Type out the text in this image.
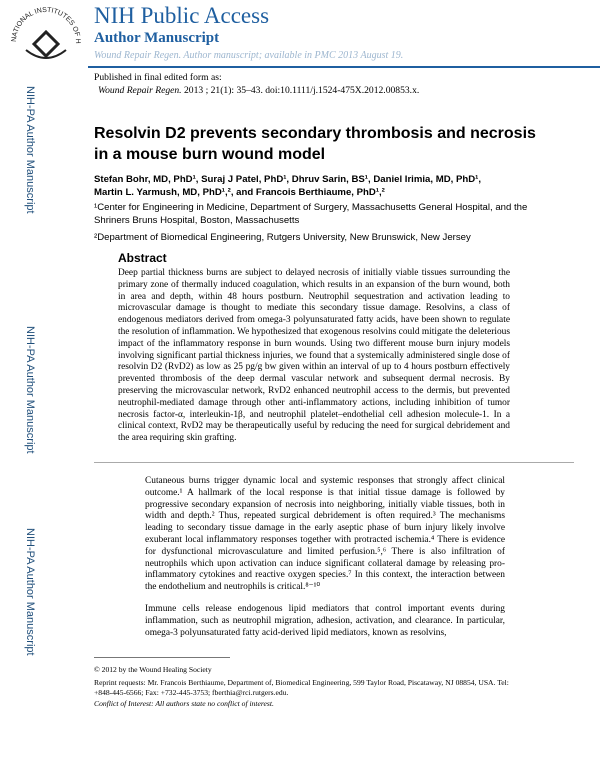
NATIONAL INSTITUTES OF H
NIH Public Access
Author Manuscript
Wound Repair Regen. Author manuscript; available in PMC 2013 August 19.
Published in final edited form as:
Wound Repair Regen. 2013 ; 21(1): 35–43. doi:10.1111/j.1524-475X.2012.00853.x.
NIH-PA Author Manuscript
NIH-PA Author Manuscript
NIH-PA Author Manuscript
Resolvin D2 prevents secondary thrombosis and necrosis in a mouse burn wound model
Stefan Bohr, MD, PhD¹, Suraj J Patel, PhD¹, Dhruv Sarin, BS¹, Daniel Irimia, MD, PhD¹,
Martin L. Yarmush, MD, PhD¹,², and Francois Berthiaume, PhD¹,²
¹Center for Engineering in Medicine, Department of Surgery, Massachusetts General Hospital, and the Shriners Bruns Hospital, Boston, Massachusetts
²Department of Biomedical Engineering, Rutgers University, New Brunswick, New Jersey
Abstract
Deep partial thickness burns are subject to delayed necrosis of initially viable tissues surrounding the primary zone of thermally induced coagulation, which results in an expansion of the burn wound, both in area and depth, within 48 hours postburn. Neutrophil sequestration and activation leading to microvascular damage is thought to mediate this secondary tissue damage. Resolvins, a class of endogenous mediators derived from omega-3 polyunsaturated fatty acids, have been shown to regulate the resolution of inflammation. We hypothesized that exogenous resolvins could mitigate the deleterious impact of the inflammatory response in burn wounds. Using two different mouse burn injury models involving significant partial thickness injuries, we found that a systemically administered single dose of resolvin D2 (RvD2) as low as 25 pg/g bw given within an interval of up to 4 hours postburn effectively prevented thrombosis of the deep dermal vascular network and subsequent dermal necrosis. By preserving the microvascular network, RvD2 enhanced neutrophil access to the dermis, but prevented neutrophil-mediated damage through other anti-inflammatory actions, including inhibition of tumor necrosis factor-α, interleukin-1β, and neutrophil platelet–endothelial cell adhesion molecule-1. In a clinical context, RvD2 may be therapeutically useful by reducing the need for surgical debridement and the area requiring skin grafting.
Cutaneous burns trigger dynamic local and systemic responses that strongly affect clinical outcome.¹ A hallmark of the local response is that initial tissue damage is followed by progressive secondary expansion of necrosis into neighboring, initially viable tissues, both in width and depth.² Thus, repeated surgical debridement is often required.³ The mechanisms leading to secondary tissue damage in the early aseptic phase of burn injury likely involve exuberant local inflammatory responses together with protracted ischemia.⁴ There is evidence for dysfunctional microvasculature and limited perfusion.⁵,⁶ There is also infiltration of neutrophils which upon activation can induce significant collateral damage by releasing pro-inflammatory cytokines and reactive oxygen species.⁷ In this context, the interaction between the endothelium and neutrophils is critical.⁸⁻¹⁰
Immune cells release endogenous lipid mediators that control important events during inflammation, such as neutrophil migration, adhesion, activation, and clearance. In particular, omega-3 polyunsaturated fatty acid-derived lipid mediators, known as resolvins,
© 2012 by the Wound Healing Society
Reprint requests: Mr. Francois Berthiaume, Department of, Biomedical Engineering, 599 Taylor Road, Piscataway, NJ 08854, USA. Tel: +848-445-6566; Fax: +732-445-3753; fberthia@rci.rutgers.edu.
Conflict of Interest: All authors state no conflict of interest.
